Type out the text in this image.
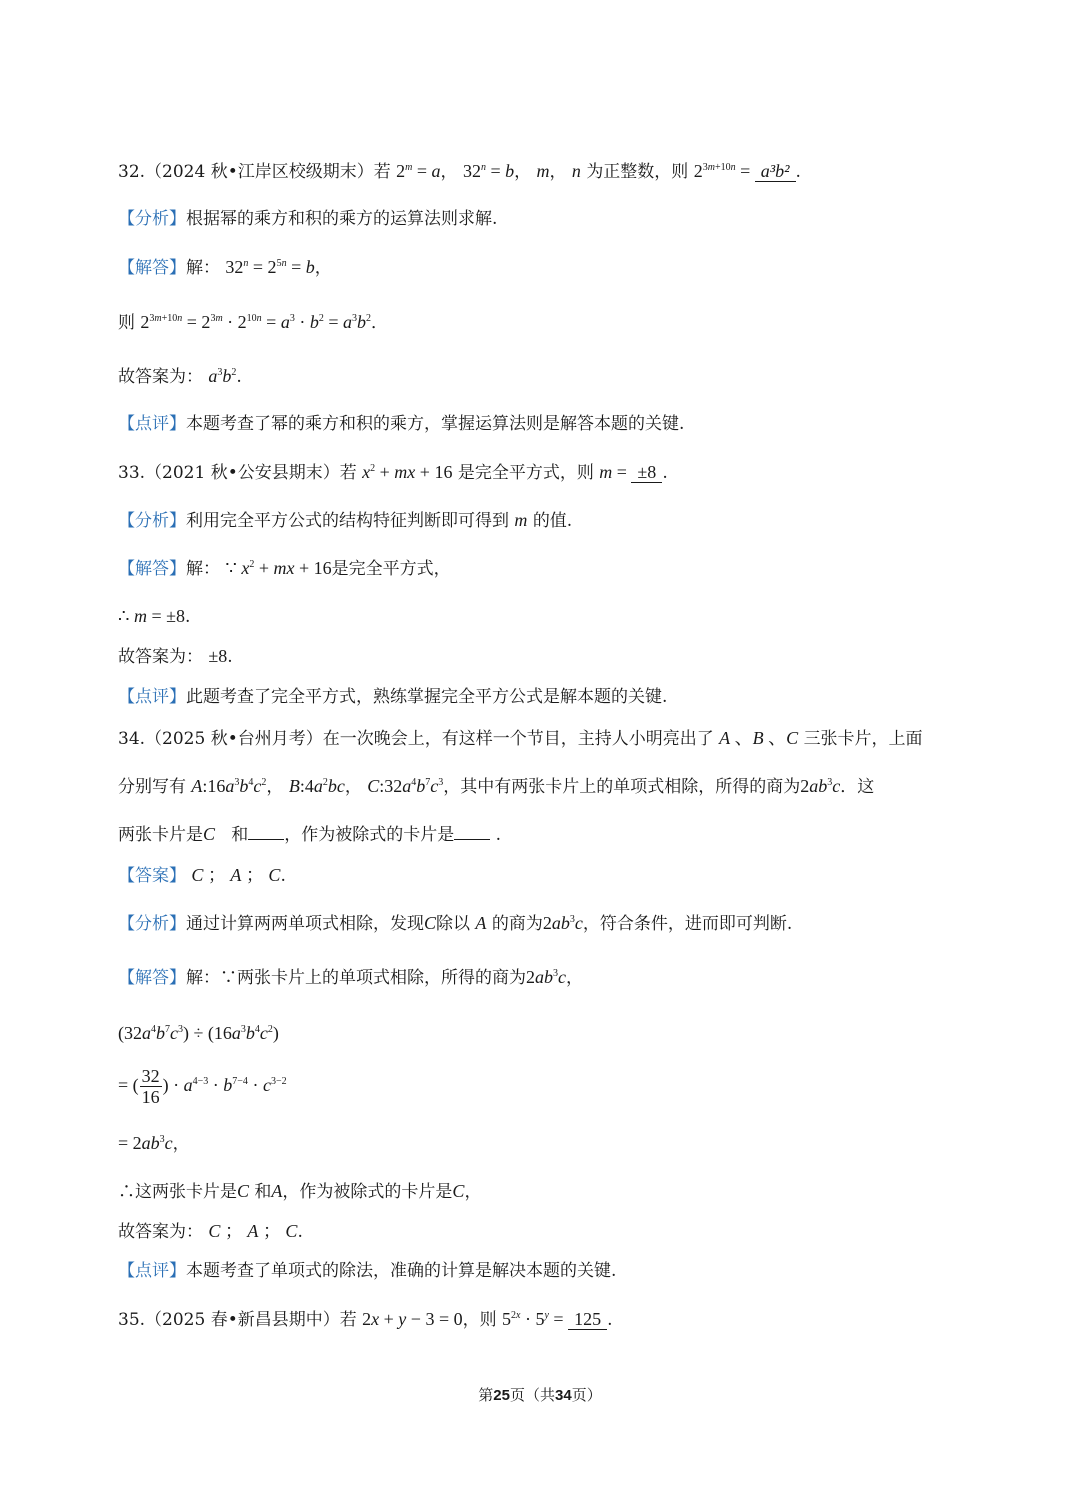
32.（2024 秋•江岸区校级期末）若 $2^m = a$， $32^n = b$， m， n 为正整数，则 $2^{3m+10n} = a^3b^2$ .
【分析】根据幂的乘方和积的乘方的运算法则求解.
【解答】解： $32^n = 2^{5n} = b$，
则 $2^{3m+10n} = 2^{3m} \cdot 2^{10n} = a^3 \cdot b^2 = a^3b^2$．
故答案为： $a^3b^2$.
【点评】本题考查了幂的乘方和积的乘方，掌握运算法则是解答本题的关键.
33.（2021 秋•公安县期末）若 $x^2$ + mx + 16 是完全平方式，则 m = ±8 .
【分析】利用完全平方公式的结构特征判断即可得到 m 的值.
【解答】解： ∵ $x^2$ + mx + 16是完全平方式，
∴ m = ±8.
故答案为： ±8.
【点评】此题考查了完全平方式，熟练掌握完全平方公式是解本题的关键.
34.（2025 秋•台州月考）在一次晚会上，有这样一个节目，主持人小明亮出了 A 、B 、C 三张卡片，上面
分别写有 $A:16a^3b^4c^2$， $B:4a^2bc$， $C:32a^4b^7c^3$，其中有两张卡片上的单项式相除，所得的商为$2ab^3c$．这
两张卡片是C 和 ，作为被除式的卡片是 .
【答案】 C ； A ； C.
【分析】通过计算两两单项式相除，发现C除以 A 的商为$2ab^3c$，符合条件，进而即可判断.
【解答】解：∵两张卡片上的单项式相除，所得的商为$2ab^3c$，
$(32a^4b^7c^3) \div (16a^3b^4c^2)$
= ( $\frac{32}{16}$ ) · $a^{4-3} \cdot b^{7-4} \cdot c^{3-2}$
= $2ab^3c$，
∴这两张卡片是C 和A，作为被除式的卡片是C，
故答案为： C ； A ； C.
【点评】本题考查了单项式的除法，准确的计算是解决本题的关键.
35.（2025 春•新昌县期中）若 2x + y − 3 = 0，则 $5^{2x} \cdot 5^y = 125$ .
第25页（共34页）
